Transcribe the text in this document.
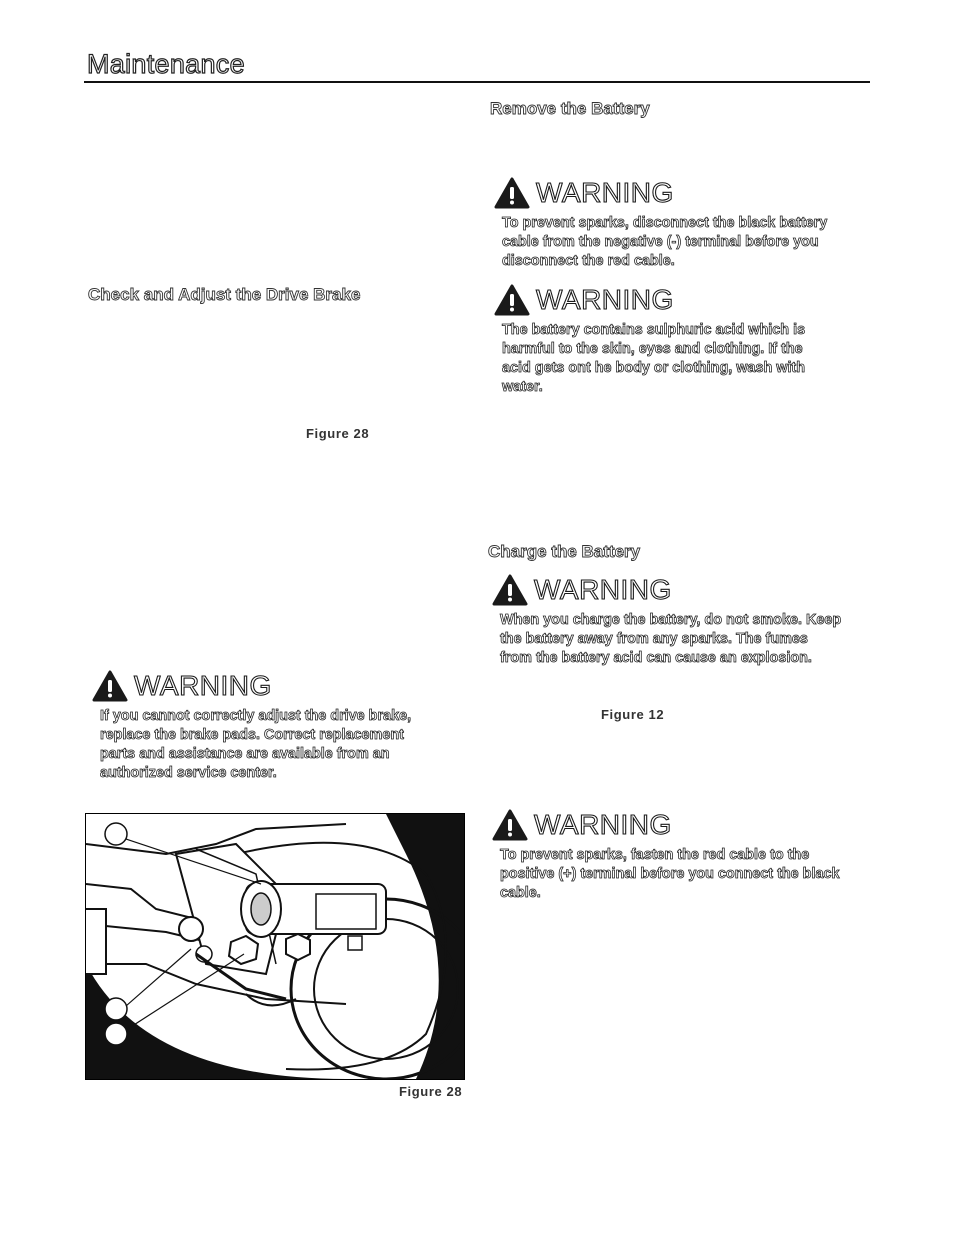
Maintenance
Remove the Battery
WARNING
To prevent sparks, disconnect the black battery cable from the negative (-) terminal before you disconnect the red cable.
WARNING
The battery contains sulphuric acid which is harmful to the skin, eyes and clothing. If the acid gets ont he body or clothing, wash with water.
Check and Adjust the Drive Brake
Figure 28
Charge the Battery
WARNING
When you charge the battery, do not smoke. Keep the battery away from any sparks. The fumes from the battery acid can cause an explosion.
Figure 12
WARNING
If you cannot correctly adjust the drive brake, replace the brake pads. Correct replacement parts and assistance are available from an authorized service center.
WARNING
To prevent sparks, fasten the red cable to the positive (+) terminal before you connect the black cable.
Figure 28
